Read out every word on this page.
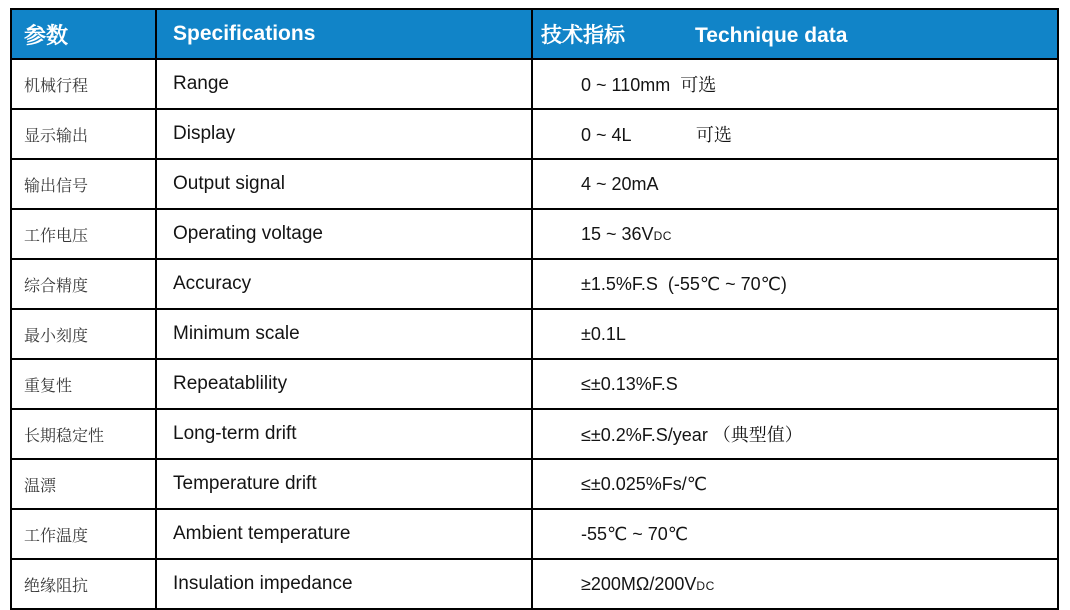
参数	Specifications	技术指标            Technique data
机械行程	Range	0 ~ 110mm  可选
显示输出	Display	0 ~ 4L             可选
输出信号	Output signal	4 ~ 20mA
工作电压	Operating voltage	15 ~ 36VDC
综合精度	Accuracy	±1.5%F.S  (-55℃ ~ 70℃)
最小刻度	Minimum scale	±0.1L
重复性	Repeatablility	≤±0.13%F.S
长期稳定性	Long-term drift	≤±0.2%F.S/year （典型值）
温漂	Temperature drift	≤±0.025%Fs/℃
工作温度	Ambient temperature	-55℃ ~ 70℃
绝缘阻抗	Insulation impedance	≥200MΩ/200VDC
